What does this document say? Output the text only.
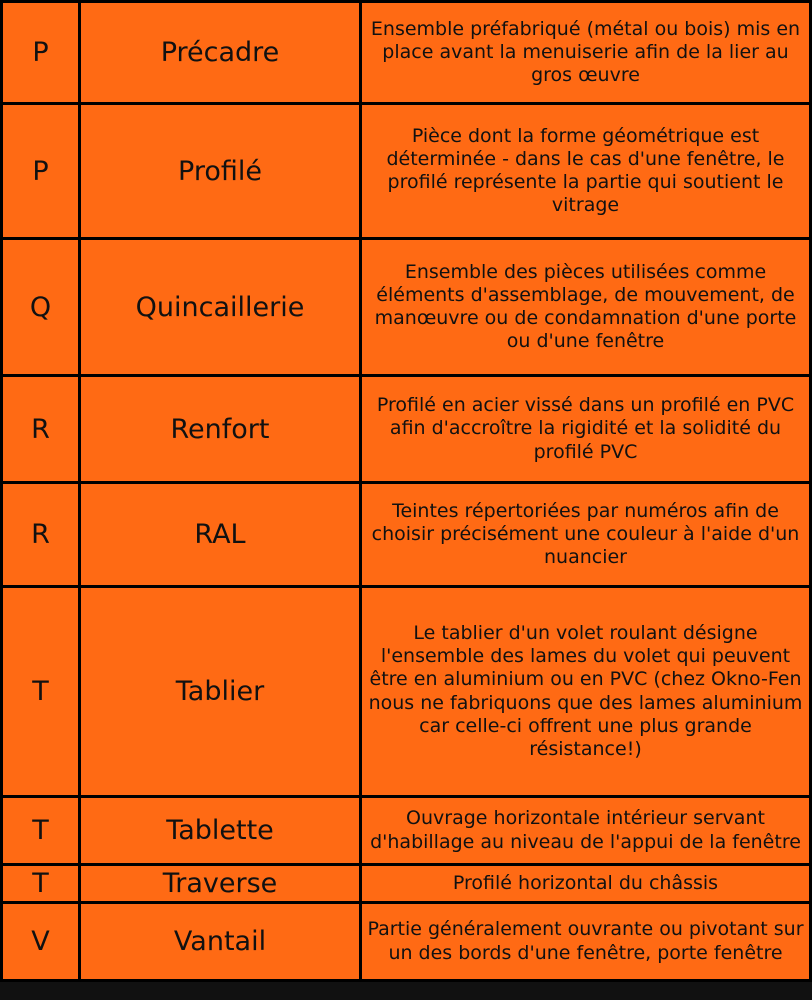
P	Précadre	Ensemble préfabriqué (métal ou bois) mis en place avant la menuiserie afin de la lier au gros œuvre
P	Profilé	Pièce dont la forme géométrique est déterminée - dans le cas d'une fenêtre, le profilé représente la partie qui soutient le vitrage
Q	Quincaillerie	Ensemble des pièces utilisées comme éléments d'assemblage, de mouvement, de manœuvre ou de condamnation d'une porte ou d'une fenêtre
R	Renfort	Profilé en acier vissé dans un profilé en PVC afin d'accroître la rigidité et la solidité du profilé PVC
R	RAL	Teintes répertoriées par numéros afin de choisir précisément une couleur à l'aide d'un nuancier
T	Tablier	Le tablier d'un volet roulant désigne l'ensemble des lames du volet qui peuvent être en aluminium ou en PVC (chez Okno-Fen nous ne fabriquons que des lames aluminium car celle-ci offrent une plus grande résistance!)
T	Tablette	Ouvrage horizontale intérieur servant d'habillage au niveau de l'appui de la fenêtre
T	Traverse	Profilé horizontal du châssis
V	Vantail	Partie généralement ouvrante ou pivotant sur un des bords d'une fenêtre, porte fenêtre
